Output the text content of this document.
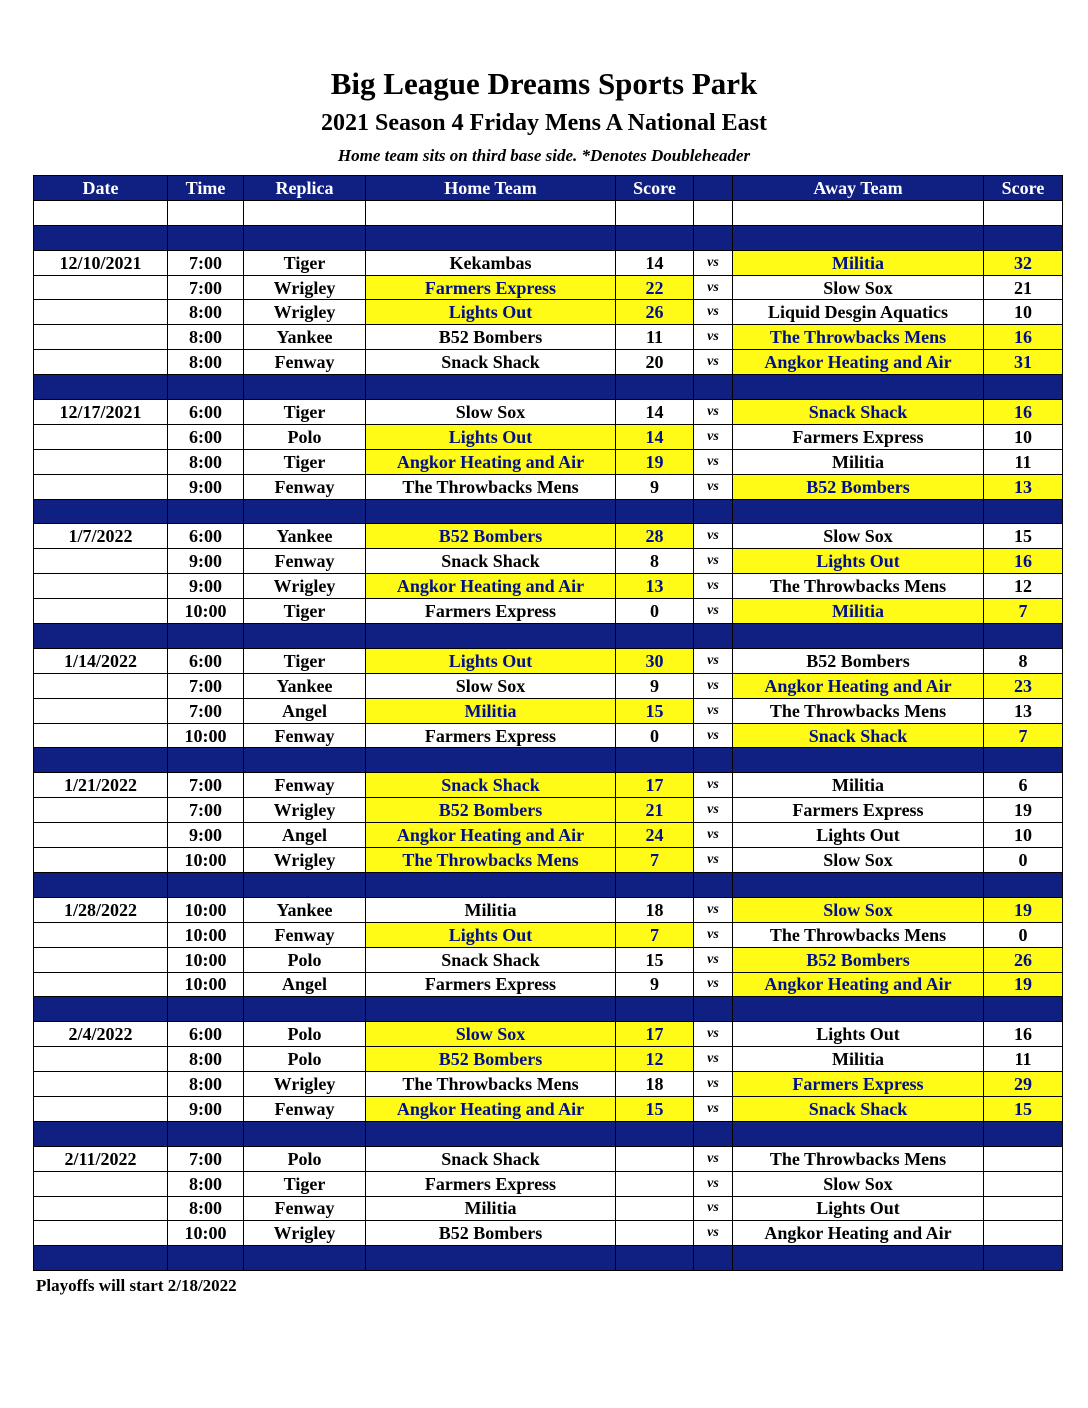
Big League Dreams Sports Park
2021 Season 4 Friday Mens A National East
Home team sits on third base side. *Denotes Doubleheader
Date	Time	Replica	Home Team	Score		Away Team	Score

12/10/2021	7:00	Tiger	Kekambas	14	vs	Militia	32
	7:00	Wrigley	Farmers Express	22	vs	Slow Sox	21
	8:00	Wrigley	Lights Out	26	vs	Liquid Desgin Aquatics	10
	8:00	Yankee	B52 Bombers	11	vs	The Throwbacks Mens	16
	8:00	Fenway	Snack Shack	20	vs	Angkor Heating and Air	31

12/17/2021	6:00	Tiger	Slow Sox	14	vs	Snack Shack	16
	6:00	Polo	Lights Out	14	vs	Farmers Express	10
	8:00	Tiger	Angkor Heating and Air	19	vs	Militia	11
	9:00	Fenway	The Throwbacks Mens	9	vs	B52 Bombers	13

1/7/2022	6:00	Yankee	B52 Bombers	28	vs	Slow Sox	15
	9:00	Fenway	Snack Shack	8	vs	Lights Out	16
	9:00	Wrigley	Angkor Heating and Air	13	vs	The Throwbacks Mens	12
	10:00	Tiger	Farmers Express	0	vs	Militia	7

1/14/2022	6:00	Tiger	Lights Out	30	vs	B52 Bombers	8
	7:00	Yankee	Slow Sox	9	vs	Angkor Heating and Air	23
	7:00	Angel	Militia	15	vs	The Throwbacks Mens	13
	10:00	Fenway	Farmers Express	0	vs	Snack Shack	7

1/21/2022	7:00	Fenway	Snack Shack	17	vs	Militia	6
	7:00	Wrigley	B52 Bombers	21	vs	Farmers Express	19
	9:00	Angel	Angkor Heating and Air	24	vs	Lights Out	10
	10:00	Wrigley	The Throwbacks Mens	7	vs	Slow Sox	0

1/28/2022	10:00	Yankee	Militia	18	vs	Slow Sox	19
	10:00	Fenway	Lights Out	7	vs	The Throwbacks Mens	0
	10:00	Polo	Snack Shack	15	vs	B52 Bombers	26
	10:00	Angel	Farmers Express	9	vs	Angkor Heating and Air	19

2/4/2022	6:00	Polo	Slow Sox	17	vs	Lights Out	16
	8:00	Polo	B52 Bombers	12	vs	Militia	11
	8:00	Wrigley	The Throwbacks Mens	18	vs	Farmers Express	29
	9:00	Fenway	Angkor Heating and Air	15	vs	Snack Shack	15

2/11/2022	7:00	Polo	Snack Shack		vs	The Throwbacks Mens	
	8:00	Tiger	Farmers Express		vs	Slow Sox	
	8:00	Fenway	Militia		vs	Lights Out	
	10:00	Wrigley	B52 Bombers		vs	Angkor Heating and Air	

Playoffs will start 2/18/2022
